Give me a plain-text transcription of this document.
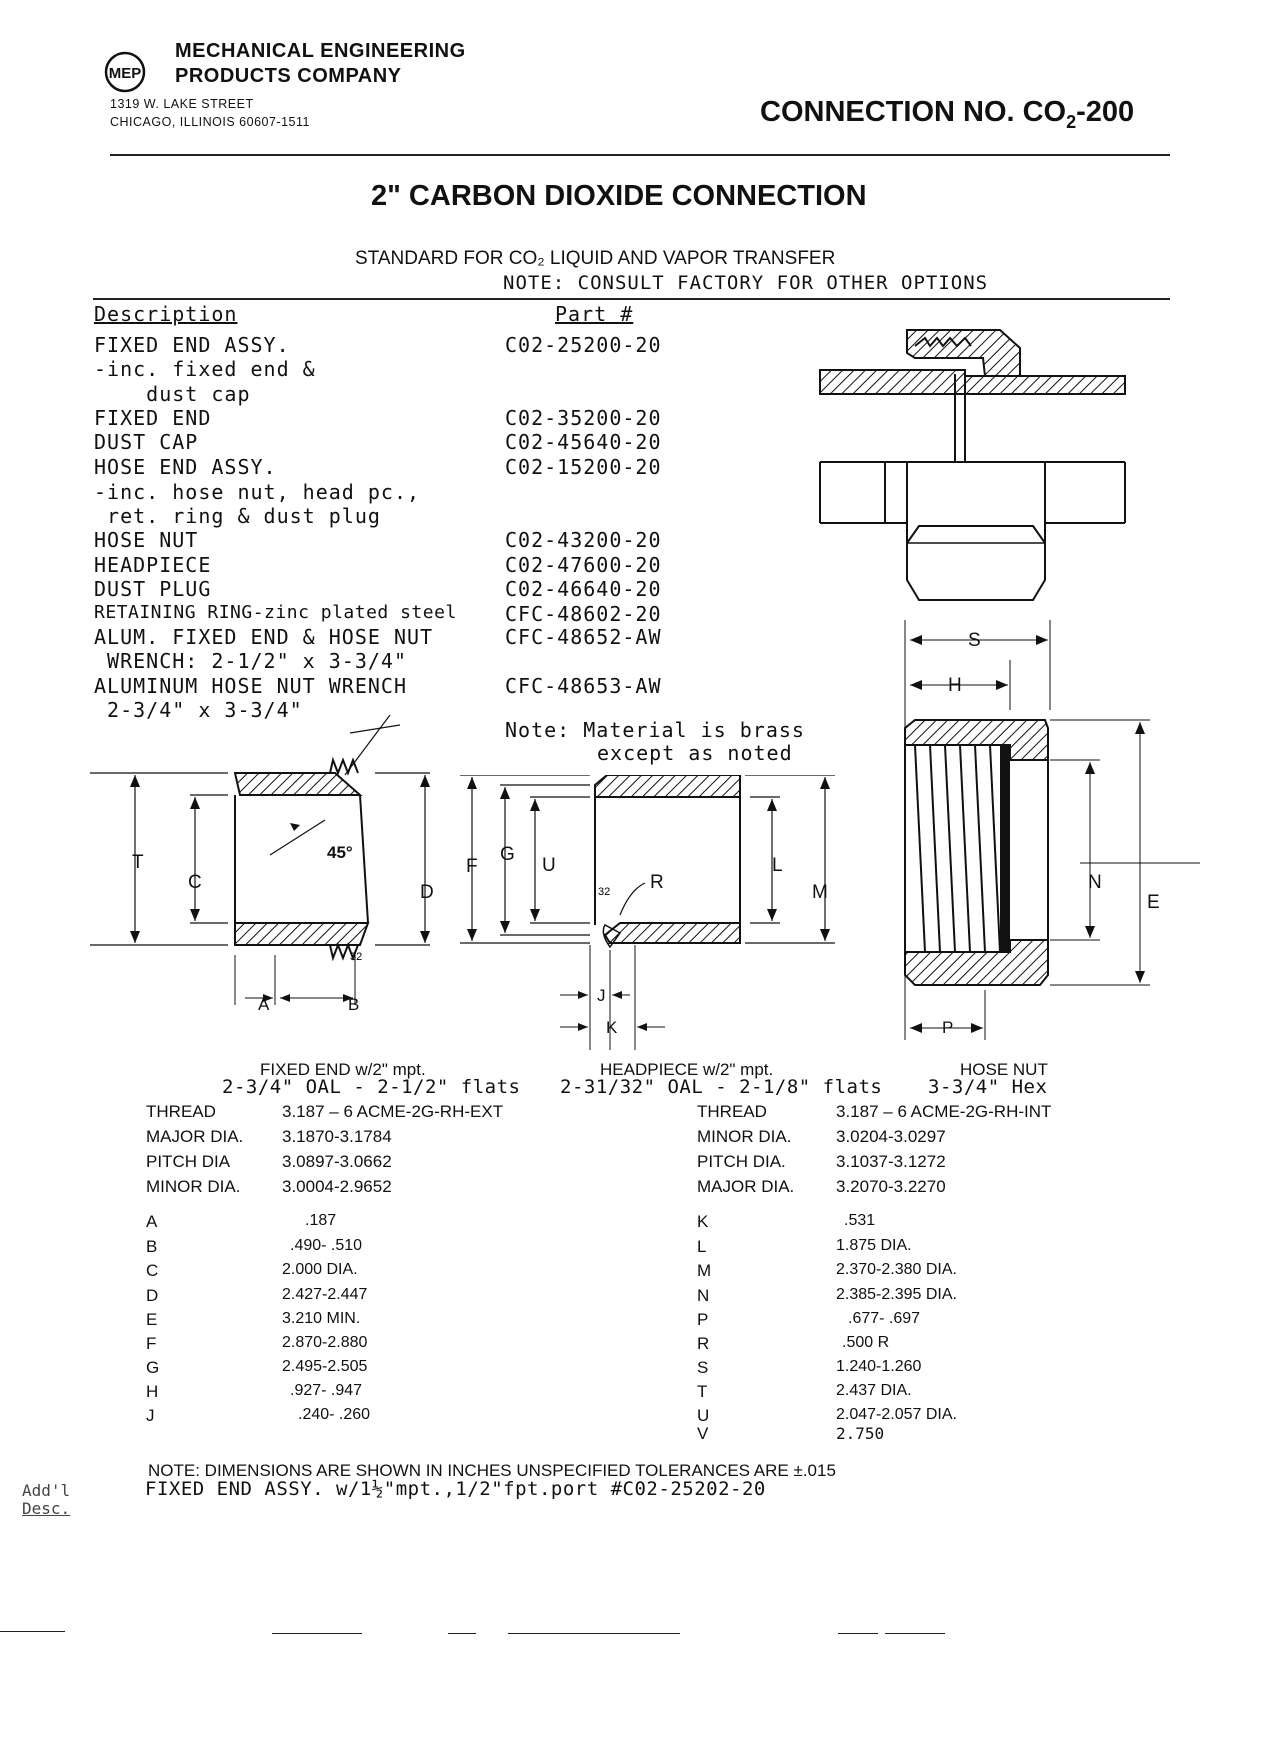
MEP
MECHANICAL ENGINEERING
PRODUCTS COMPANY
1319 W. LAKE STREET
CHICAGO, ILLINOIS 60607-1511	CONNECTION NO. $CO_2-200$
2" CARBON DIOXIDE CONNECTION
STANDARD FOR CO₂ LIQUID AND VAPOR TRANSFER
NOTE: CONSULT FACTORY FOR OTHER OPTIONS
Description	Part #
FIXED END ASSY.	C02-25200-20
-inc. fixed end &
dust cap
FIXED END	C02-35200-20
DUST CAP	C02-45640-20
HOSE END ASSY.	C02-15200-20
-inc. hose nut, head pc.,
ret. ring & dust plug
HOSE NUT	C02-43200-20
HEADPIECE	C02-47600-20
DUST PLUG	C02-46640-20
RETAINING RING-zinc plated steel CFC-48602-20
ALUM. FIXED END & HOSE NUT	CFC-48652-AW
WRENCH: 2-1/2" x 3-3/4"
ALUMINUM HOSE NUT WRENCH	CFC-48653-AW
2-3/4" x 3-3/4"
Note: Material is brass
except as noted
32
T
C
45°
D
A	B
32
F
G
U
R
L
M
J
K
S
H
N
E
P
FIXED END w/2" mpt.
2-3/4" OAL - 2-1/2" flats
HEADPIECE w/2" mpt.
2-31/32" OAL - 2-1/8" flats
HOSE NUT
3-3/4" Hex
THREAD	3.187 – 6 ACME-2G-RH-EXT
MAJOR DIA. 3.1870-3.1784
PITCH DIA	3.0897-3.0662
MINOR DIA. 3.0004-2.9652
THREAD	3.187 – 6 ACME-2G-RH-INT
MINOR DIA.	3.0204-3.0297
PITCH DIA.	3.1037-3.1272
MAJOR DIA. 3.2070-3.2270
A	.187
B	.490- .510
C	2.000 DIA.
D	2.427-2.447
E	3.210 MIN.
F	2.870-2.880
G	2.495-2.505
H	.927- .947
J	.240- .260
K	.531
L	1.875 DIA.
M	2.370-2.380 DIA.
N	2.385-2.395 DIA.
P	.677- .697
R	.500 R
S	1.240-1.260
T	2.437 DIA.
U	2.047-2.057 DIA.
V	2.750
NOTE: DIMENSIONS ARE SHOWN IN INCHES UNSPECIFIED TOLERANCES ARE ±.015
Add'l
Desc.
FIXED END ASSY. w/1½"mpt.,1/2"fpt.port #C02-25202-20
